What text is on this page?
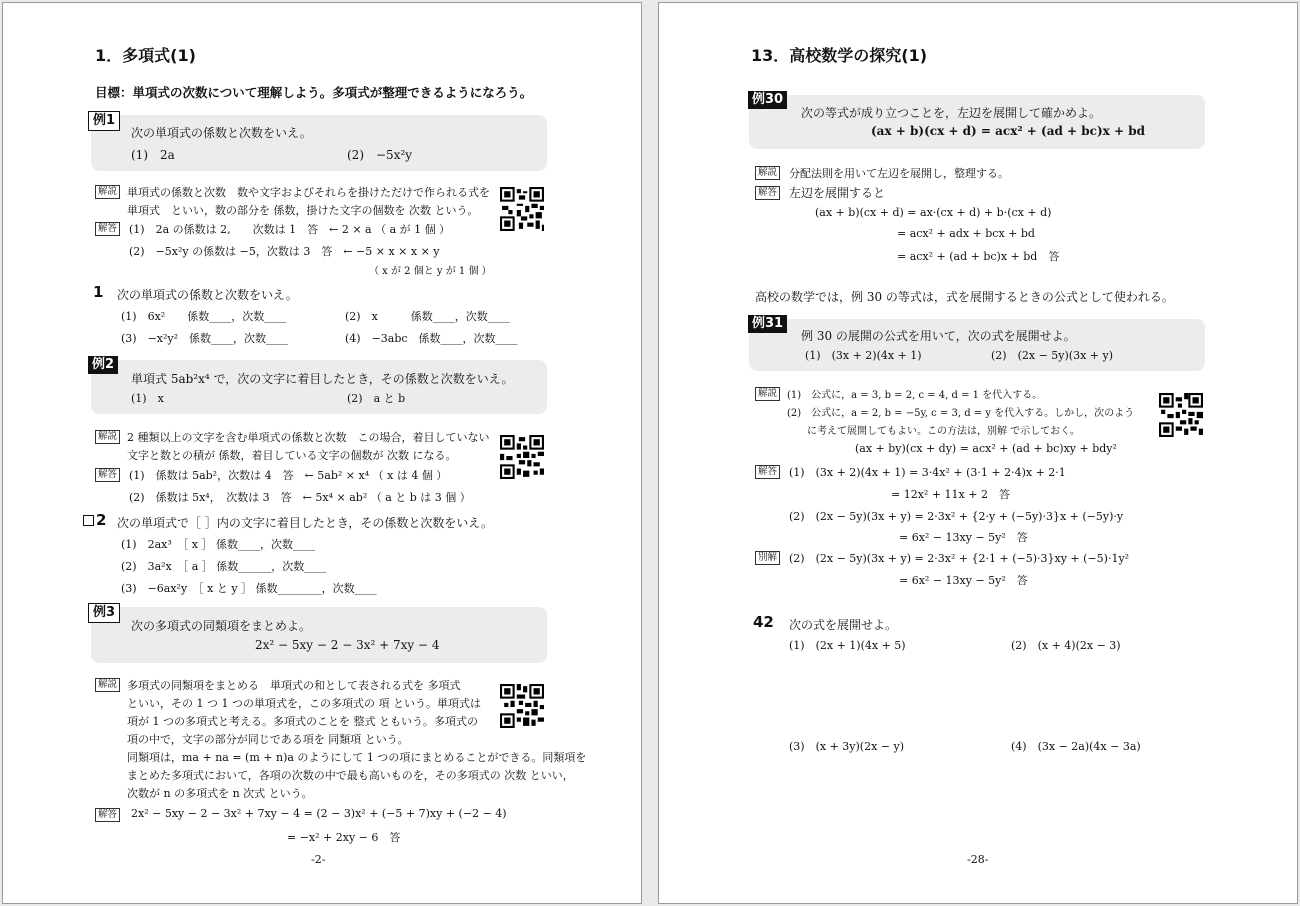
1．多項式(1)
目標：単項式の次数について理解しよう。多項式が整理できるようになろう。
例1
次の単項式の係数と次数をいえ。
(1)　2a	(2)　−5x²y
解説 単項式の係数と次数　数や文字およびそれらを掛けただけで作られる式を
単項式　といい，数の部分を 係数，掛けた文字の個数を 次数 という。
解答 (1)　2a の係数は 2,　　次数は 1　答　← 2 × a （ a が 1 個 ）
(2)　−5x²y の係数は −5，次数は 3　答　← −5 × x × x × y
（ x が 2 個と y が 1 個 ）
1 次の単項式の係数と次数をいえ。
(1)　6x²　　係数____，次数____	(2)　x　　　係数____，次数____
(3)　−x²y²　係数____，次数____	(4)　−3abc　係数____，次数____
例2
単項式 5ab²x⁴ で，次の文字に着目したとき，その係数と次数をいえ。
(1)　x	(2)　a と b
解説 2 種類以上の文字を含む単項式の係数と次数　この場合，着目していない
文字と数との積が 係数，着目している文字の個数が 次数 になる。
解答 (1)　係数は 5ab²，次数は 4　答　← 5ab² × x⁴ （ x は 4 個 ）
(2)　係数は 5x⁴，　次数は 3　答　← 5x⁴ × ab² （ a と b は 3 個 ）
2 次の単項式で［ ］内の文字に着目したとき，その係数と次数をいえ。
(1)　2ax³　［ x ］ 係数____，次数____
(2)　3a²x　［ a ］ 係数______，次数____
(3)　−6ax²y　［ x と y ］ 係数________，次数____
例3
次の多項式の同類項をまとめよ。
2x² − 5xy − 2 − 3x² + 7xy − 4
解説 多項式の同類項をまとめる　単項式の和として表される式を 多項式
といい，その 1 つ 1 つの単項式を，この多項式の 項 という。単項式は
項が 1 つの多項式と考える。多項式のことを 整式 ともいう。多項式の
項の中で，文字の部分が同じである項を 同類項 という。
同類項は，ma + na = (m + n)a のようにして 1 つの項にまとめることができる。同類項を
まとめた多項式において，各項の次数の中で最も高いものを，その多項式の 次数 といい，
次数が n の多項式を n 次式 という。
解答 2x² − 5xy − 2 − 3x² + 7xy − 4 = (2 − 3)x² + (−5 + 7)xy + (−2 − 4)
= −x² + 2xy − 6　答
-2-
13．高校数学の探究(1)
例30
次の等式が成り立つことを，左辺を展開して確かめよ。
(ax + b)(cx + d) = acx² + (ad + bc)x + bd
解説 分配法則を用いて左辺を展開し，整理する。
解答 左辺を展開すると
(ax + b)(cx + d) = ax·(cx + d) + b·(cx + d)
= acx² + adx + bcx + bd
= acx² + (ad + bc)x + bd　答
高校の数学では，例 30 の等式は，式を展開するときの公式として使われる。
例31
例 30 の展開の公式を用いて，次の式を展開せよ。
(1)　(3x + 2)(4x + 1)	(2)　(2x − 5y)(3x + y)
解説 (1)　公式に，a = 3, b = 2, c = 4, d = 1 を代入する。
(2)　公式に，a = 2, b = −5y, c = 3, d = y を代入する。しかし，次のよう
に考えて展開してもよい。この方法は，別解 で示しておく。
(ax + by)(cx + dy) = acx² + (ad + bc)xy + bdy²
解答 (1)　(3x + 2)(4x + 1) = 3·4x² + (3·1 + 2·4)x + 2·1
= 12x² + 11x + 2　答
(2)　(2x − 5y)(3x + y) = 2·3x² + {2·y + (−5y)·3}x + (−5y)·y
= 6x² − 13xy − 5y²　答
別解 (2)　(2x − 5y)(3x + y) = 2·3x² + {2·1 + (−5)·3}xy + (−5)·1y²
= 6x² − 13xy − 5y²　答
42 次の式を展開せよ。
(1)　(2x + 1)(4x + 5)	(2)　(x + 4)(2x − 3)
(3)　(x + 3y)(2x − y)	(4)　(3x − 2a)(4x − 3a)
-28-
